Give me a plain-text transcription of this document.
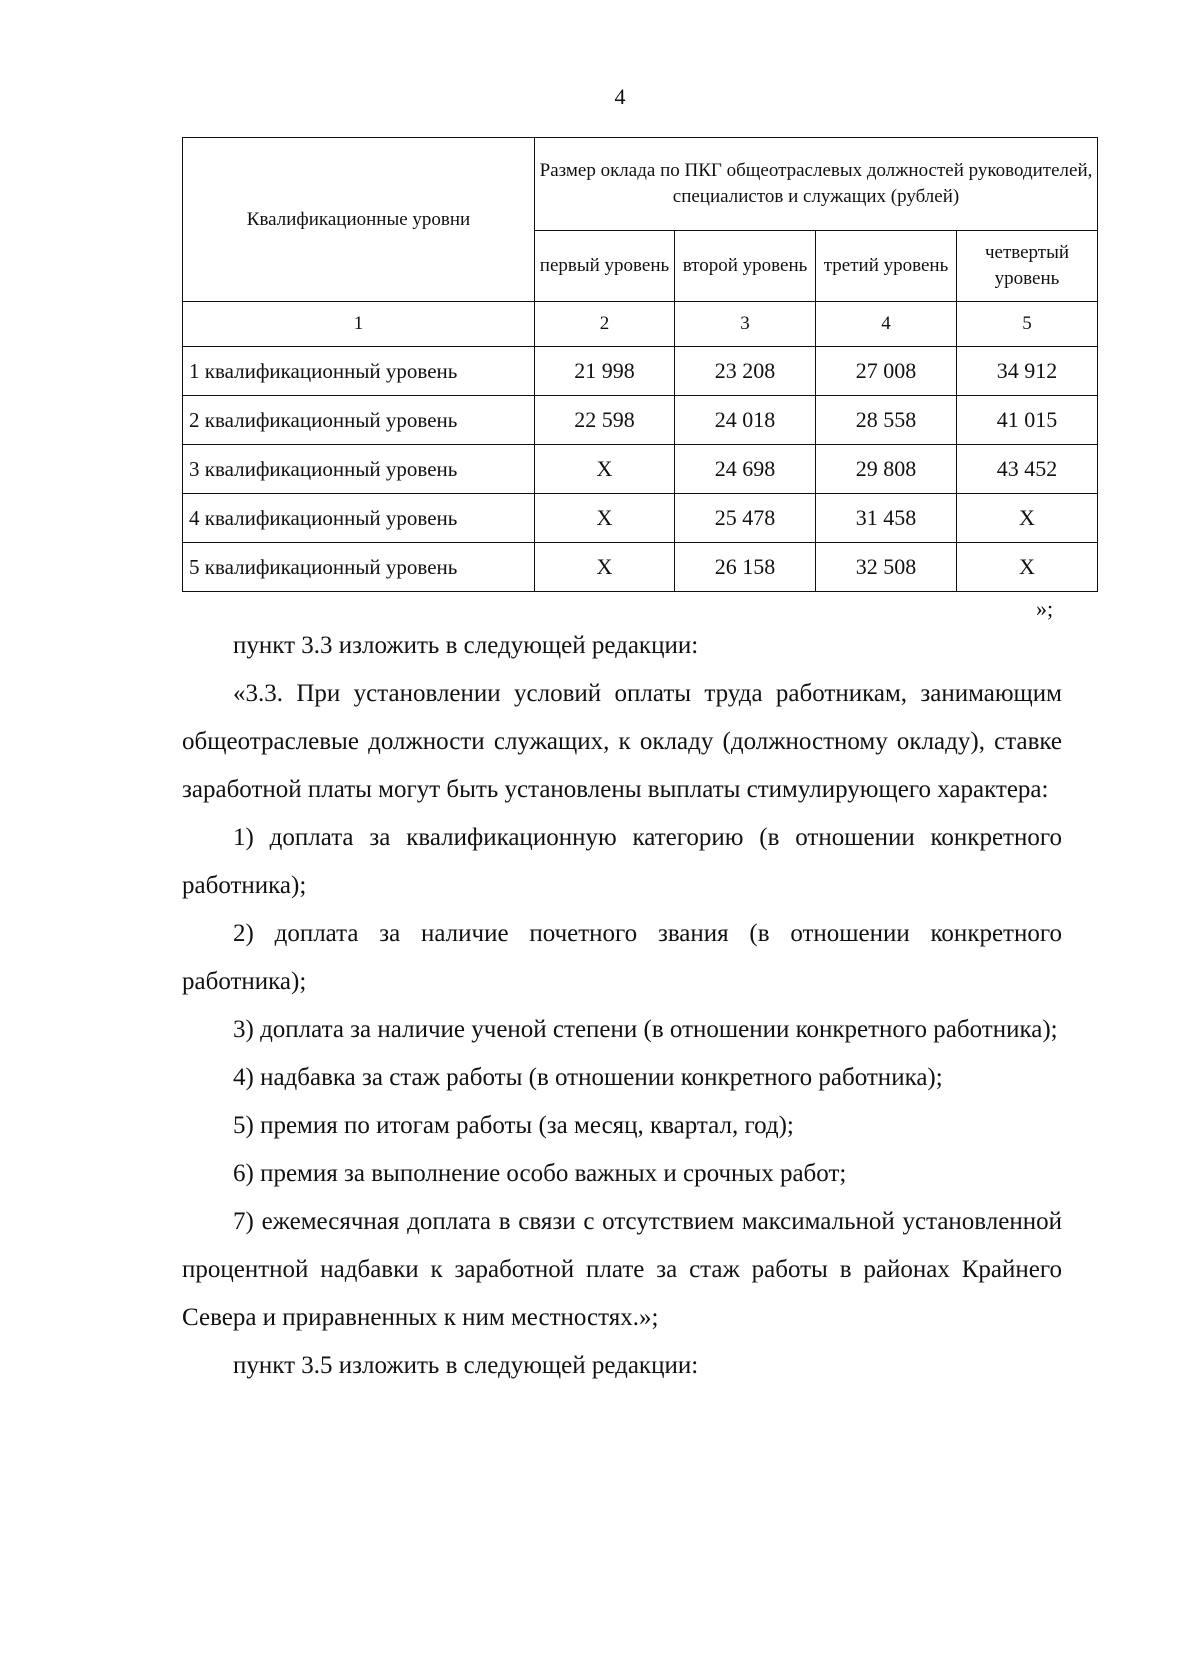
4
Квалификационные уровни	Размер оклада по ПКГ общеотраслевых должностей руководителей, специалистов и служащих (рублей)			
	первый уровень	второй уровень	третий уровень	четвертый уровень
1	2	3	4	5
1 квалификационный уровень	21 998	23 208	27 008	34 912
2 квалификационный уровень	22 598	24 018	28 558	41 015
3 квалификационный уровень	Х	24 698	29 808	43 452
4 квалификационный уровень	Х	25 478	31 458	Х
5 квалификационный уровень	Х	26 158	32 508	Х
»;

пункт 3.3 изложить в следующей редакции:

«3.3. При установлении условий оплаты труда работникам, занимающим общеотраслевые должности служащих, к окладу (должностному окладу), ставке заработной платы могут быть установлены выплаты стимулирующего характера:

1) доплата за квалификационную категорию (в отношении конкретного работника);

2) доплата за наличие почетного звания (в отношении конкретного работника);

3) доплата за наличие ученой степени (в отношении конкретного работника);

4) надбавка за стаж работы (в отношении конкретного работника);

5) премия по итогам работы (за месяц, квартал, год);

6) премия за выполнение особо важных и срочных работ;

7) ежемесячная доплата в связи с отсутствием максимальной установленной процентной надбавки к заработной плате за стаж работы в районах Крайнего Севера и приравненных к ним местностях.»;

пункт 3.5 изложить в следующей редакции:
